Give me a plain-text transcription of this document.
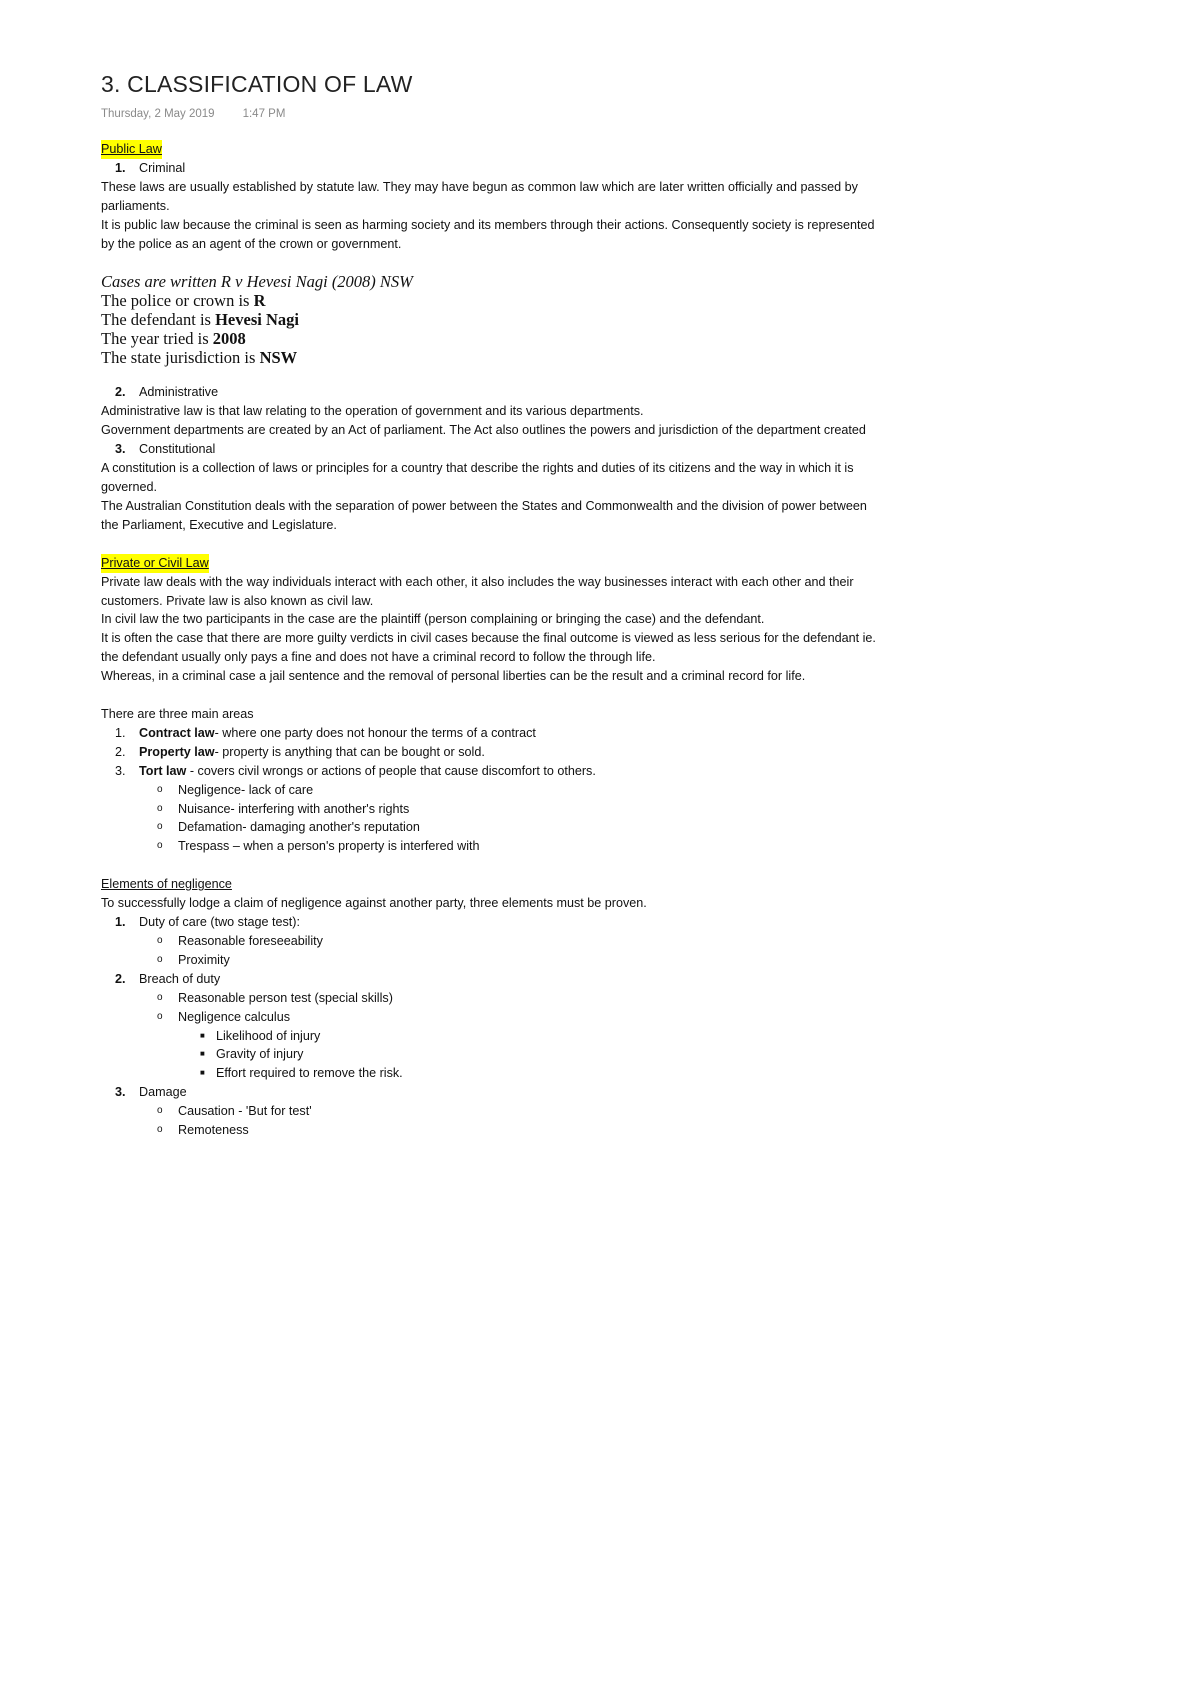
3. CLASSIFICATION OF LAW
Thursday, 2 May 2019 1:47 PM
Public Law
1. Criminal

These laws are usually established by statute law. They may have begun as common law which are later written officially and passed by parliaments.

It is public law because the criminal is seen as harming society and its members through their actions. Consequently society is represented by the police as an agent of the crown or government.

Cases are written R v Hevesi Nagi (2008) NSW
The police or crown is R
The defendant is Hevesi Nagi
The year tried is 2008
The state jurisdiction is NSW
2. Administrative

Administrative law is that law relating to the operation of government and its various departments.

Government departments are created by an Act of parliament. The Act also outlines the powers and jurisdiction of the department created

3. Constitutional

A constitution is a collection of laws or principles for a country that describe the rights and duties of its citizens and the way in which it is governed.

The Australian Constitution deals with the separation of power between the States and Commonwealth and the division of power between the Parliament, Executive and Legislature.

Private or Civil Law

Private law deals with the way individuals interact with each other, it also includes the way businesses interact with each other and their customers. Private law is also known as civil law.

In civil law the two participants in the case are the plaintiff (person complaining or bringing the case) and the defendant.

It is often the case that there are more guilty verdicts in civil cases because the final outcome is viewed as less serious for the defendant ie. the defendant usually only pays a fine and does not have a criminal record to follow the through life.

Whereas, in a criminal case a jail sentence and the removal of personal liberties can be the result and a criminal record for life.

There are three main areas

1. Contract law- where one party does not honour the terms of a contract
2. Property law- property is anything that can be bought or sold.
3. Tort law - covers civil wrongs or actions of people that cause discomfort to others.
o Negligence- lack of care
o Nuisance- interfering with another's rights
o Defamation- damaging another's reputation
o Trespass – when a person's property is interfered with
Elements of negligence

To successfully lodge a claim of negligence against another party, three elements must be proven.

1. Duty of care (two stage test):
o Reasonable foreseeability
o Proximity
2. Breach of duty
o Reasonable person test (special skills)
o Negligence calculus
■ Likelihood of injury
■ Gravity of injury
■ Effort required to remove the risk.
3. Damage
o Causation - 'But for test'
o Remoteness
